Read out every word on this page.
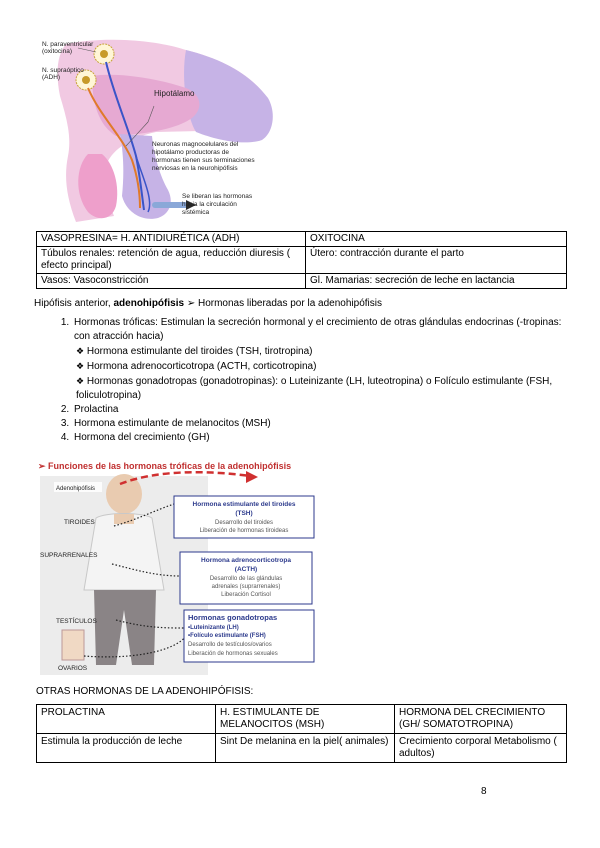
N. paraventricular
(oxitocina)
N. supraóptico
(ADH)
Hipotálamo
Neuronas magnocelulares del
hipotálamo productoras de
hormonas tienen sus terminaciones
nerviosas en la neurohipófisis
Se liberan las hormonas
hacia la circulación
sistémica
VASOPRESINA= H. ANTIDIURÉTICA (ADH)	OXITOCINA
Túbulos renales: retención de agua, reducción diuresis ( efecto principal)	Útero: contracción durante el parto
Vasos: Vasoconstricción	Gl. Mamarias: secreción de leche en lactancia
Hipófisis anterior, adenohipófisis ➢ Hormonas liberadas por la adenohipófisis
1. Hormonas tróficas: Estimulan la secreción hormonal y el crecimiento de otras glándulas endocrinas (-tropinas: con atracción hacia)
❖ Hormona estimulante del tiroides (TSH, tirotropina)
❖ Hormona adrenocorticotropa (ACTH, corticotropina)
❖ Hormonas gonadotropas (gonadotropinas): o Luteinizante (LH, luteotropina) o Folículo estimulante (FSH, foliculotropina)
2. Prolactina
3. Hormona estimulante de melanocitos (MSH)
4. Hormona del crecimiento (GH)
➢ Funciones de las hormonas tróficas de la adenohipófisis
Adenohipófisis
TIROIDES
SUPRARRENALES
TESTÍCULOS
OVARIOS
Hormona estimulante del tiroides
(TSH)
Desarrollo del tiroides
Liberación de hormonas tiroideas
Hormona adrenocorticotropa
(ACTH)
Desarrollo de las glándulas
adrenales (suprarrenales)
Liberación Cortisol
Hormonas gonadotropas
•Luteinizante (LH)
•Folículo estimulante (FSH)
Desarrollo de testículos/ovarios
Liberación de hormonas sexuales
OTRAS HORMONAS DE LA ADENOHIPÓFISIS:
PROLACTINA	H. ESTIMULANTE DE MELANOCITOS (MSH)	HORMONA DEL CRECIMIENTO (GH/ SOMATOTROPINA)
Estimula la producción de leche	Sint De melanina en la piel( animales)	Crecimiento corporal Metabolismo ( adultos)
8
